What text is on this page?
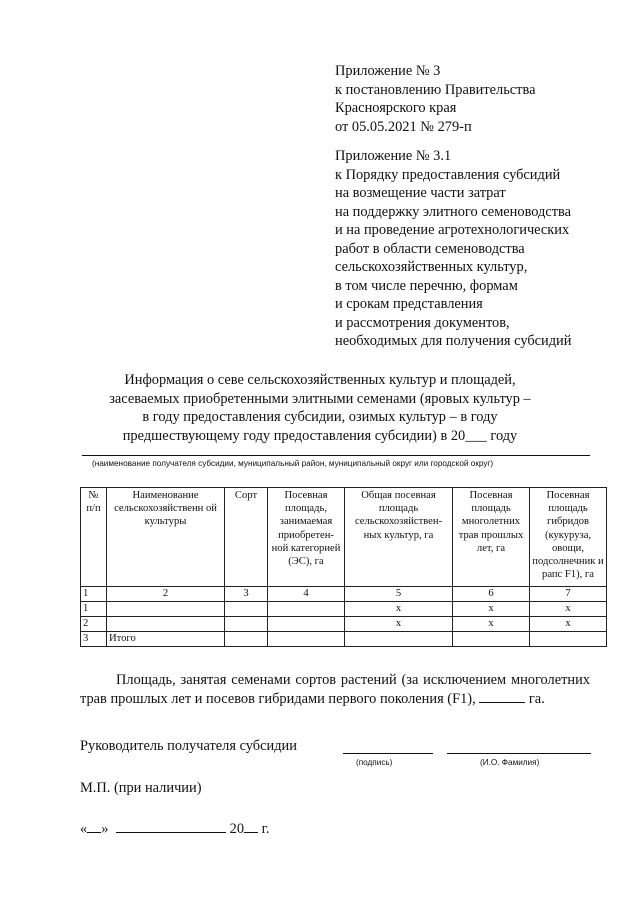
Приложение № 3
к постановлению Правительства
Красноярского края
от 05.05.2021 № 279-п
Приложение № 3.1
к Порядку предоставления субсидий
на возмещение части затрат
на поддержку элитного семеноводства
и на проведение агротехнологических
работ в области семеноводства
сельскохозяйственных культур,
в том числе перечню, формам
и срокам представления
и рассмотрения документов,
необходимых для получения субсидий
Информация о севе сельскохозяйственных культур и площадей,
засеваемых приобретенными элитными семенами (яровых культур –
в году предоставления субсидии, озимых культур – в году
предшествующему году предоставления субсидии) в 20___ году
(наименование получателя субсидии, муниципальный район, муниципальный округ или городской округ)
№ п/п	Наименование сельскохозяйственн ой культуры	Сорт	Посевная площадь, занимаемая приобретен- ной категорией (ЭС), га	Общая посевная площадь сельскохозяйствен- ных культур, га	Посевная площадь многолетних трав прошлых лет, га	Посевная площадь гибридов (кукуруза, овощи, подсолнечник и рапс F1), га
1	2	3	4	5	6	7
1				x	x	x
2				x	x	x
3	Итого					
Площадь, занятая семенами сортов растений (за исключением многолетних трав прошлых лет и посевов гибридами первого поколения (F1),	га.
Руководитель получателя субсидии
(подпись)	(И.О. Фамилия)
М.П. (при наличии)
« »	20 г.
